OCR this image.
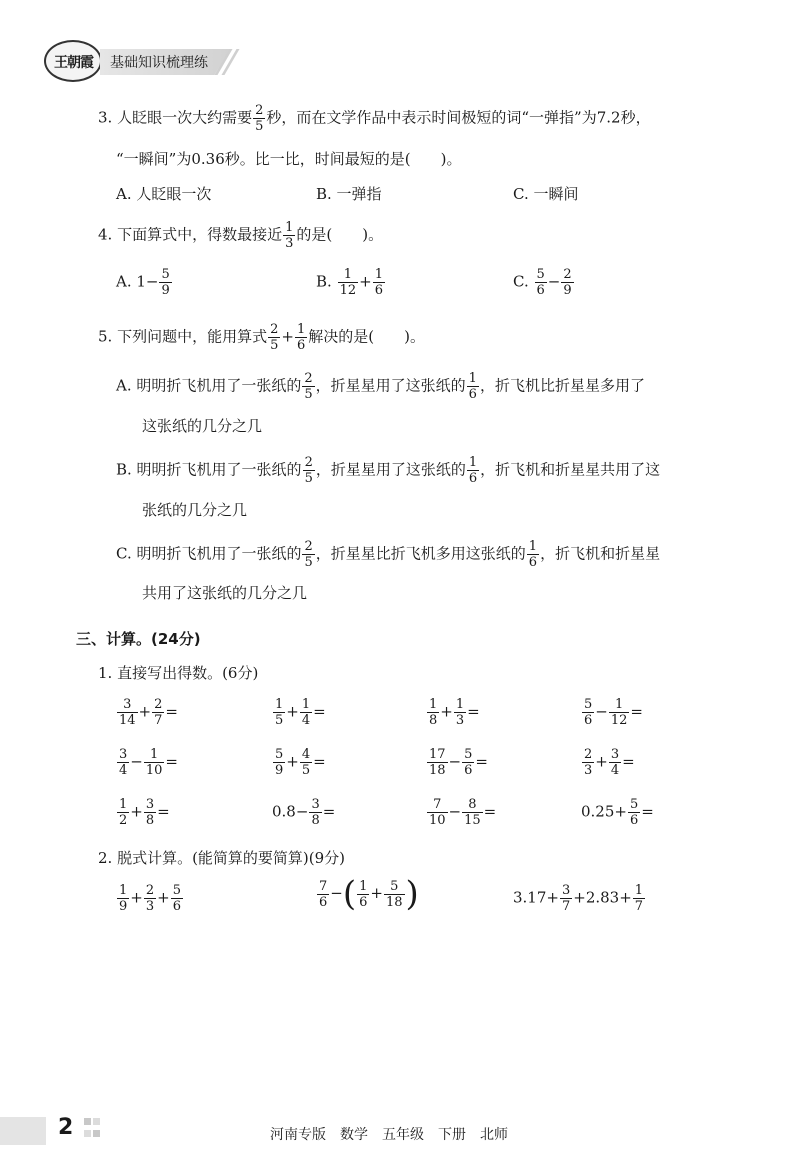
王朝霞 基础知识梳理练
3. 人眨眼一次大约需要 $\frac{2}{5}$ 秒，而在文学作品中表示时间极短的词“一弹指”为7.2秒，
“一瞬间”为0.36秒。比一比，时间最短的是(　　)。
A. 人眨眼一次	B. 一弹指	C. 一瞬间
4. 下面算式中，得数最接近 $\frac{1}{3}$ 的是(　　)。
A. $1- \frac{5}{9}$	B. $\frac{1}{12} + \frac{1}{6}$	C. $\frac{5}{6} - \frac{2}{9}$
5. 下列问题中，能用算式 $\frac{2}{5} + \frac{1}{6}$ 解决的是(　　)。
A. 明明折飞机用了一张纸的 $\frac{2}{5}$ ，折星星用了这张纸的 $\frac{1}{6}$ ，折飞机比折星星多用了
这张纸的几分之几
B. 明明折飞机用了一张纸的 $\frac{2}{5}$ ，折星星用了这张纸的 $\frac{1}{6}$ ，折飞机和折星星共用了这
张纸的几分之几
C. 明明折飞机用了一张纸的 $\frac{2}{5}$ ，折星星比折飞机多用这张纸的 $\frac{1}{6}$ ，折飞机和折星星
共用了这张纸的几分之几
三、计算。(24分)
1. 直接写出得数。(6分)
$\frac{3}{14} + \frac{2}{7}$ =	$\frac{1}{5} + \frac{1}{4}$ =	$\frac{1}{8} + \frac{1}{3}$ =	$\frac{5}{6} - \frac{1}{12}$ =
$\frac{3}{4} - \frac{1}{10}$ =	$\frac{5}{9} + \frac{4}{5}$ =	$\frac{17}{18} - \frac{5}{6}$ =	$\frac{2}{3} + \frac{3}{4}$ =
$\frac{1}{2} + \frac{3}{8}$ =	$0.8- \frac{3}{8}$ =	$\frac{7}{10} - \frac{8}{15}$ =	$0.25+ \frac{5}{6}$ =
2. 脱式计算。(能简算的要简算)(9分)
$\frac{1}{9} + \frac{2}{3} + \frac{5}{6}$	$\frac{7}{6}$ −( $\frac{1}{6} + \frac{5}{18}$ )	$3.17+ \frac{3}{7} +2.83+ \frac{1}{7}$
2	河南专版　数学　五年级　下册　北师
